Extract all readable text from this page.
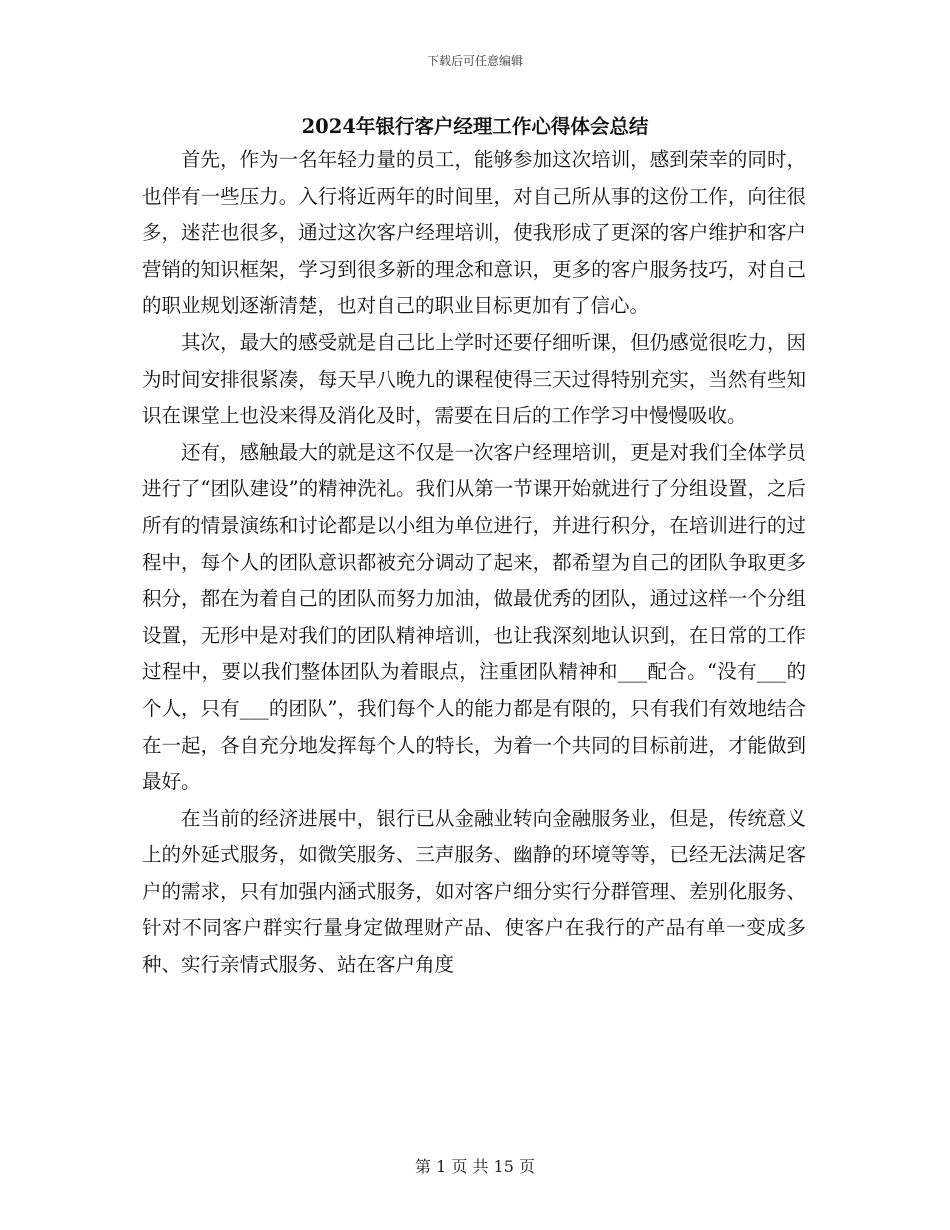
下载后可任意编辑
2024年银行客户经理工作心得体会总结

首先，作为一名年轻力量的员工，能够参加这次培训，感到荣幸的同时，也伴有一些压力。入行将近两年的时间里，对自己所从事的这份工作，向往很多，迷茫也很多，通过这次客户经理培训，使我形成了更深的客户维护和客户营销的知识框架，学习到很多新的理念和意识，更多的客户服务技巧，对自己的职业规划逐渐清楚，也对自己的职业目标更加有了信心。

其次，最大的感受就是自己比上学时还要仔细听课，但仍感觉很吃力，因为时间安排很紧凑，每天早八晚九的课程使得三天过得特别充实，当然有些知识在课堂上也没来得及消化及时，需要在日后的工作学习中慢慢吸收。

还有，感触最大的就是这不仅是一次客户经理培训，更是对我们全体学员进行了“团队建设”的精神洗礼。我们从第一节课开始就进行了分组设置，之后所有的情景演练和讨论都是以小组为单位进行，并进行积分，在培训进行的过程中，每个人的团队意识都被充分调动了起来，都希望为自己的团队争取更多积分，都在为着自己的团队而努力加油，做最优秀的团队，通过这样一个分组设置，无形中是对我们的团队精神培训，也让我深刻地认识到，在日常的工作过程中，要以我们整体团队为着眼点，注重团队精神和___配合。“没有___的个人，只有___的团队”，我们每个人的能力都是有限的，只有我们有效地结合在一起，各自充分地发挥每个人的特长，为着一个共同的目标前进，才能做到最好。

在当前的经济进展中，银行已从金融业转向金融服务业，但是，传统意义上的外延式服务，如微笑服务、三声服务、幽静的环境等等，已经无法满足客户的需求，只有加强内涵式服务，如对客户细分实行分群管理、差别化服务、针对不同客户群实行量身定做理财产品、使客户在我行的产品有单一变成多种、实行亲情式服务、站在客户角度

第 1 页 共 15 页
